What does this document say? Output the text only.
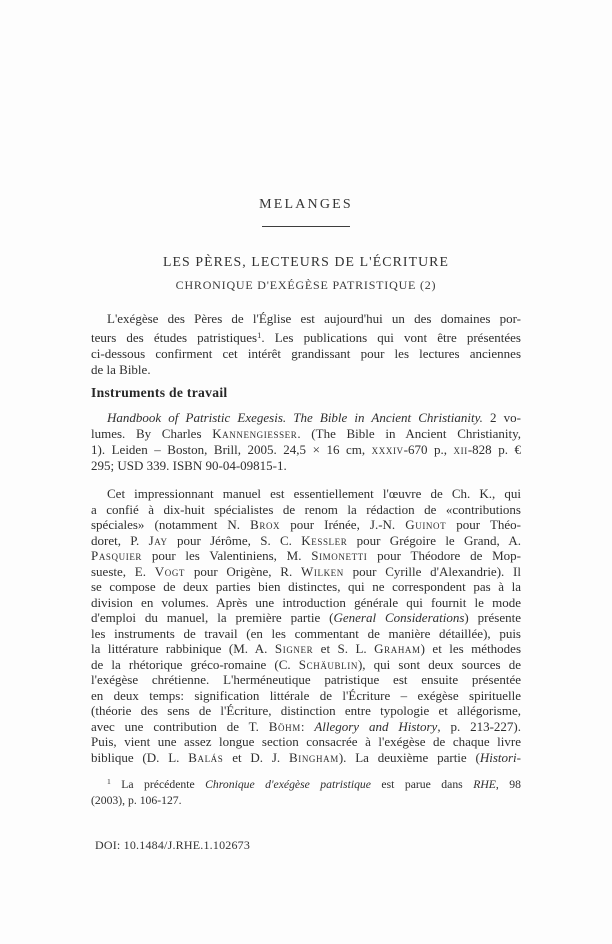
MELANGES
LES PÈRES, LECTEURS DE L'ÉCRITURE
CHRONIQUE D'EXÉGÈSE PATRISTIQUE (2)
L'exégèse des Pères de l'Église est aujourd'hui un des domaines por-
teurs des études patristiques$^1$. Les publications qui vont être présentées
ci-dessous confirment cet intérêt grandissant pour les lectures anciennes
de la Bible.
Instruments de travail
Handbook of Patristic Exegesis. The Bible in Ancient Christianity. 2 vo-
lumes. By Charles Kannengiesser. (The Bible in Ancient Christianity,
1). Leiden – Boston, Brill, 2005. 24,5 × 16 cm, xxxiv-670 p., xii-828 p. €
295; USD 339. ISBN 90-04-09815-1.
Cet impressionnant manuel est essentiellement l'œuvre de Ch. K., qui
a confié à dix-huit spécialistes de renom la rédaction de «contributions
spéciales» (notamment N. Brox pour Irénée, J.-N. Guinot pour Théo-
doret, P. Jay pour Jérôme, S. C. Kessler pour Grégoire le Grand, A.
Pasquier pour les Valentiniens, M. Simonetti pour Théodore de Mop-
sueste, E. Vogt pour Origène, R. Wilken pour Cyrille d'Alexandrie). Il
se compose de deux parties bien distinctes, qui ne correspondent pas à la
division en volumes. Après une introduction générale qui fournit le mode
d'emploi du manuel, la première partie (General Considerations) présente
les instruments de travail (en les commentant de manière détaillée), puis
la littérature rabbinique (M. A. Signer et S. L. Graham) et les méthodes
de la rhétorique gréco-romaine (C. Schäublin), qui sont deux sources de
l'exégèse chrétienne. L'herméneutique patristique est ensuite présentée
en deux temps: signification littérale de l'Écriture – exégèse spirituelle
(théorie des sens de l'Écriture, distinction entre typologie et allégorisme,
avec une contribution de T. Böhm: Allegory and History, p. 213-227).
Puis, vient une assez longue section consacrée à l'exégèse de chaque livre
biblique (D. L. Balás et D. J. Bingham). La deuxième partie (Histori-
$^1$ La précédente Chronique d'exégèse patristique est parue dans RHE, 98
(2003), p. 106-127.
DOI: 10.1484/J.RHE.1.102673
